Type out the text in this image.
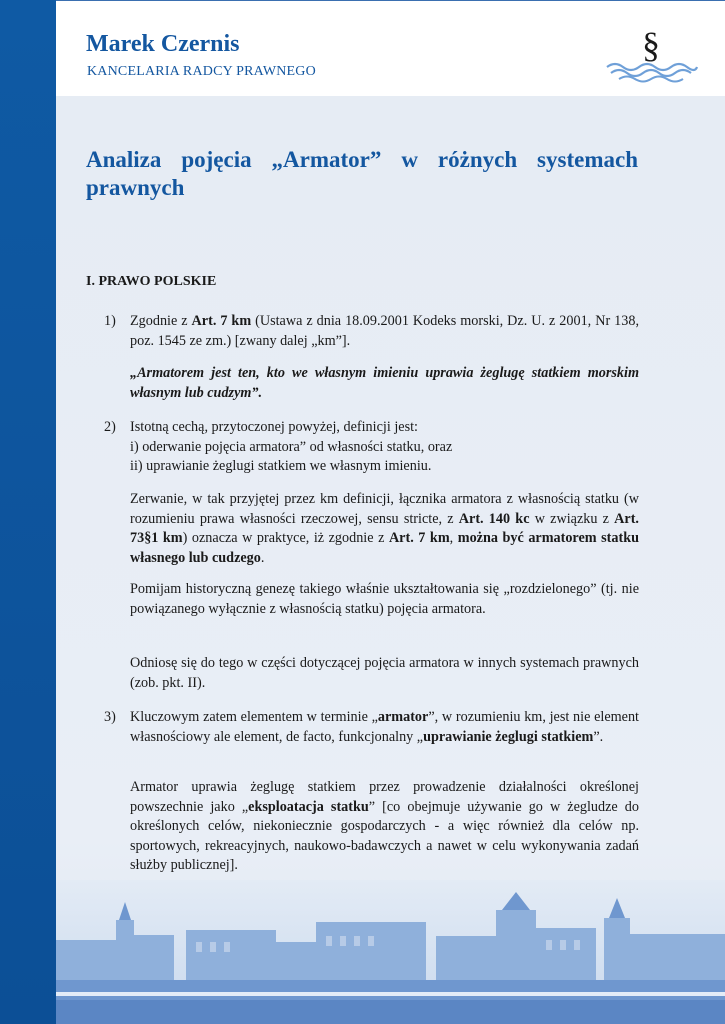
Marek Czernis
KANCELARIA RADCY PRAWNEGO
§
Analiza pojęcia „Armator” w różnych systemach prawnych
I. PRAWO POLSKIE
1) Zgodnie z Art. 7 km (Ustawa z dnia 18.09.2001 Kodeks morski, Dz. U. z 2001, Nr 138, poz. 1545 ze zm.) [zwany dalej „km”].
„Armatorem jest ten, kto we własnym imieniu uprawia żeglugę statkiem morskim własnym lub cudzym”.
2) Istotną cechą, przytoczonej powyżej, definicji jest:
i) oderwanie pojęcia armatora” od własności statku, oraz
ii) uprawianie żeglugi statkiem we własnym imieniu.
Zerwanie, w tak przyjętej przez km definicji, łącznika armatora z własnością statku (w rozumieniu prawa własności rzeczowej, sensu stricte, z Art. 140 kc w związku z Art. 73§1 km) oznacza w praktyce, iż zgodnie z Art. 7 km, można być armatorem statku własnego lub cudzego.
Pomijam historyczną genezę takiego właśnie ukształtowania się „rozdzielonego” (tj. nie powiązanego wyłącznie z własnością statku) pojęcia armatora.
Odniosę się do tego w części dotyczącej pojęcia armatora w innych systemach prawnych (zob. pkt. II).
3) Kluczowym zatem elementem w terminie „armator”, w rozumieniu km, jest nie element własnościowy ale element, de facto, funkcjonalny „uprawianie żeglugi statkiem”.
Armator uprawia żeglugę statkiem przez prowadzenie działalności określonej powszechnie jako „eksploatacja statku” [co obejmuje używanie go w żegludze do określonych celów, niekoniecznie gospodarczych - a więc również dla celów np. sportowych, rekreacyjnych, naukowo-badawczych a nawet w celu wykonywania zadań służby publicznej].
